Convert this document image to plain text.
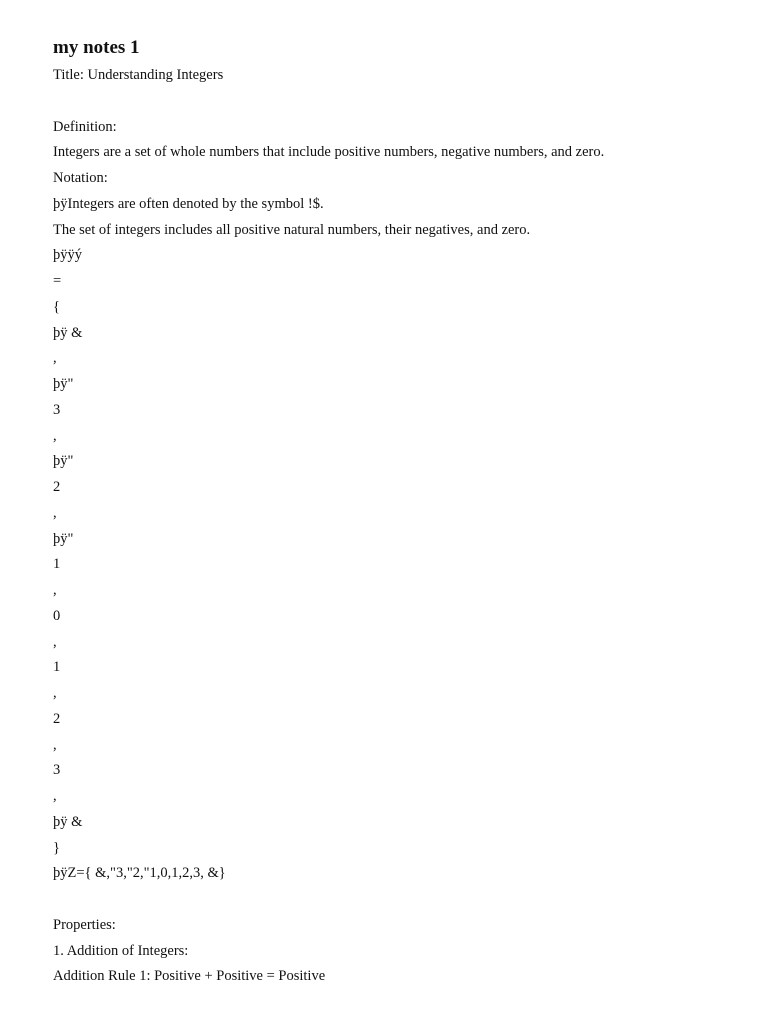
my notes 1
Title: Understanding Integers
Definition:
Integers are a set of whole numbers that include positive numbers, negative numbers, and zero.
Notation:
þÿIntegers are often denoted by the symbol !$.
The set of integers includes all positive natural numbers, their negatives, and zero.
þÿÿý
=
{
þÿ &
,
þÿ"
3
,
þÿ"
2
,
þÿ"
1
,
0
,
1
,
2
,
3
,
þÿ &
}
þÿZ={ &,"3,"2,"1,0,1,2,3, &}
Properties:
1. Addition of Integers:
Addition Rule 1: Positive + Positive = Positive
